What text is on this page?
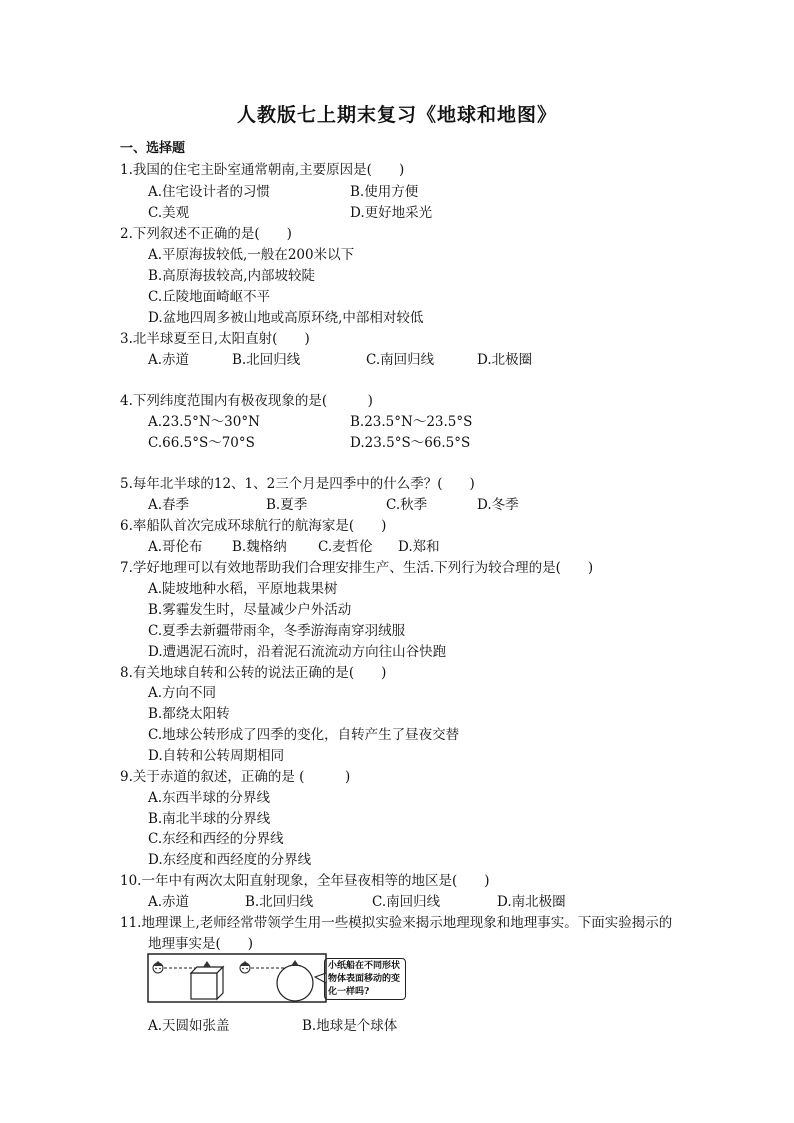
人教版七上期末复习《地球和地图》
一、选择题
1.我国的住宅主卧室通常朝南,主要原因是(　　)
A.住宅设计者的习惯	B.使用方便
C.美观	D.更好地采光
2.下列叙述不正确的是(　　)
A.平原海拔较低,一般在200米以下
B.高原海拔较高,内部坡较陡
C.丘陵地面崎岖不平
D.盆地四周多被山地或高原环绕,中部相对较低
3.北半球夏至日,太阳直射(　　)
A.赤道	B.北回归线	C.南回归线	D.北极圈
4.下列纬度范围内有极夜现象的是(　　　)
A.23.5°N～30°N	B.23.5°N～23.5°S
C.66.5°S～70°S	D.23.5°S～66.5°S
5.每年北半球的12、1、2三个月是四季中的什么季？(　　)
A.春季	B.夏季	C.秋季	D.冬季
6.率船队首次完成环球航行的航海家是(　　)
A.哥伦布 B.魏格纳 C.麦哲伦 D.郑和
7.学好地理可以有效地帮助我们合理安排生产、生活.下列行为较合理的是(　　)
A.陡坡地种水稻，平原地栽果树
B.雾霾发生时，尽量减少户外活动
C.夏季去新疆带雨伞，冬季游海南穿羽绒服
D.遭遇泥石流时，沿着泥石流流动方向往山谷快跑
8.有关地球自转和公转的说法正确的是(　　)
A.方向不同
B.都绕太阳转
C.地球公转形成了四季的变化，自转产生了昼夜交替
D.自转和公转周期相同
9.关于赤道的叙述，正确的是 (　　　)
A.东西半球的分界线
B.南北半球的分界线
C.东经和西经的分界线
D.东经度和西经度的分界线
10.一年中有两次太阳直射现象，全年昼夜相等的地区是(　　)
A.赤道	B.北回归线	C.南回归线	D.南北极圈
11.地理课上,老师经常带领学生用一些模拟实验来揭示地理现象和地理事实。下面实验揭示的
地理事实是(　　)
小纸船在不同形状物体表面移动的变化一样吗?
A.天圆如张盖	B.地球是个球体
